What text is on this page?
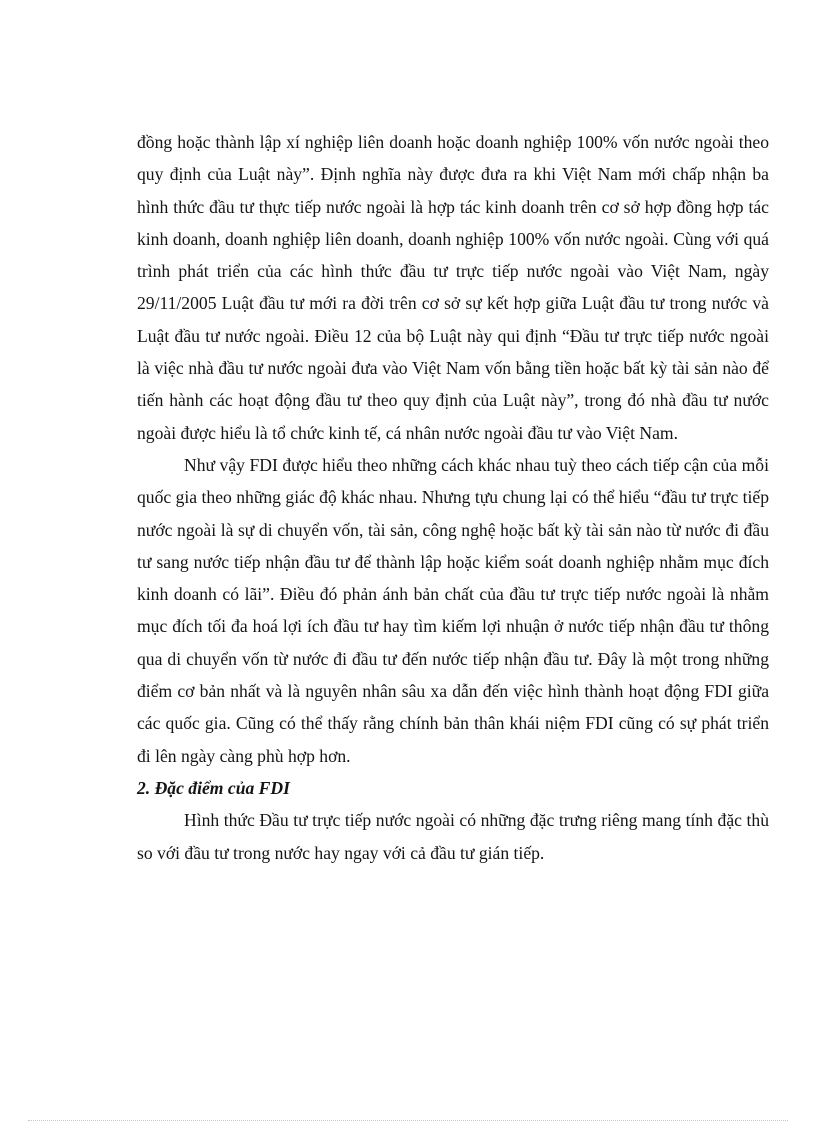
đồng hoặc thành lập xí nghiệp liên doanh hoặc doanh nghiệp 100% vốn nước ngoài theo quy định của Luật này”. Định nghĩa này được đưa ra khi Việt Nam mới chấp nhận ba hình thức đầu tư thực tiếp nước ngoài là hợp tác kinh doanh trên cơ sở hợp đồng hợp tác kinh doanh, doanh nghiệp liên doanh, doanh nghiệp 100% vốn nước ngoài. Cùng với quá trình phát triển của các hình thức đầu tư trực tiếp nước ngoài vào Việt Nam, ngày 29/11/2005 Luật đầu tư mới ra đời trên cơ sở sự kết hợp giữa Luật đầu tư trong nước và Luật đầu tư nước ngoài. Điều 12 của bộ Luật này qui định “Đầu tư trực tiếp nước ngoài là việc nhà đầu tư nước ngoài đưa vào Việt Nam vốn bằng tiền hoặc bất kỳ tài sản nào để tiến hành các hoạt động đầu tư theo quy định của Luật này”, trong đó nhà đầu tư nước ngoài được hiểu là tổ chức kinh tế, cá nhân nước ngoài đầu tư vào Việt Nam.

Như vậy FDI được hiểu theo những cách khác nhau tuỳ theo cách tiếp cận của mỗi quốc gia theo những giác độ khác nhau. Nhưng tựu chung lại có thể hiểu “đầu tư trực tiếp nước ngoài là sự di chuyển vốn, tài sản, công nghệ hoặc bất kỳ tài sản nào từ nước đi đầu tư sang nước tiếp nhận đầu tư để thành lập hoặc kiểm soát doanh nghiệp nhằm mục đích kinh doanh có lãi”. Điều đó phản ánh bản chất của đầu tư trực tiếp nước ngoài là nhằm mục đích tối đa hoá lợi ích đầu tư hay tìm kiếm lợi nhuận ở nước tiếp nhận đầu tư thông qua di chuyển vốn từ nước đi đầu tư đến nước tiếp nhận đầu tư. Đây là một trong những điểm cơ bản nhất và là nguyên nhân sâu xa dẫn đến việc hình thành hoạt động FDI giữa các quốc gia. Cũng có thể thấy rằng chính bản thân khái niệm FDI cũng có sự phát triển đi lên ngày càng phù hợp hơn.

2. Đặc điểm của FDI

Hình thức Đầu tư trực tiếp nước ngoài có những đặc trưng riêng mang tính đặc thù so với đầu tư trong nước hay ngay với cả đầu tư gián tiếp.
